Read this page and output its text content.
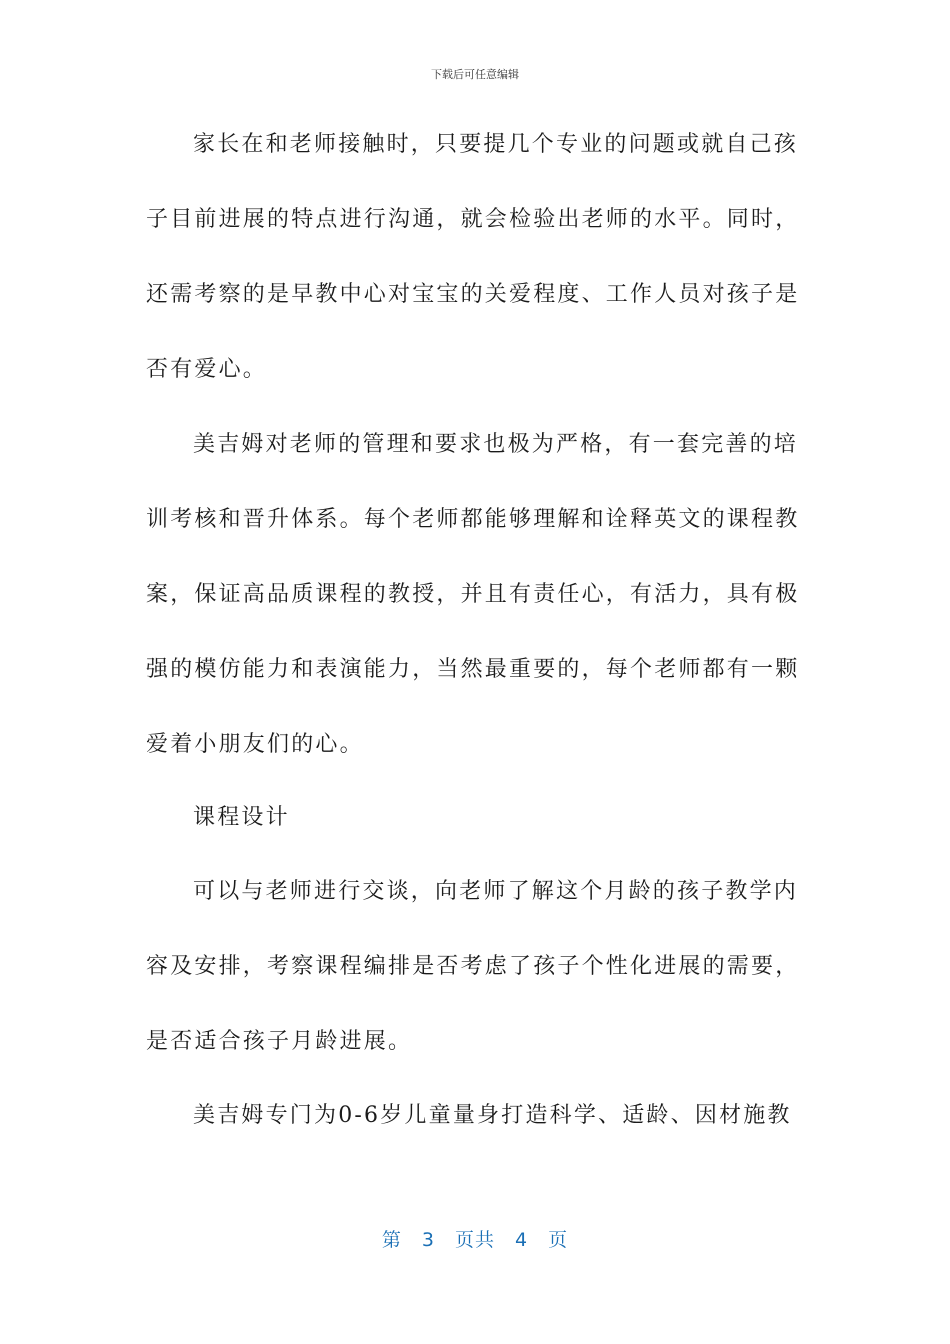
下载后可任意编辑
家长在和老师接触时，只要提几个专业的问题或就自己孩
子目前进展的特点进行沟通，就会检验出老师的水平。同时，
还需考察的是早教中心对宝宝的关爱程度、工作人员对孩子是
否有爱心。
美吉姆对老师的管理和要求也极为严格，有一套完善的培
训考核和晋升体系。每个老师都能够理解和诠释英文的课程教
案，保证高品质课程的教授，并且有责任心，有活力，具有极
强的模仿能力和表演能力，当然最重要的，每个老师都有一颗
爱着小朋友们的心。
课程设计
可以与老师进行交谈，向老师了解这个月龄的孩子教学内
容及安排，考察课程编排是否考虑了孩子个性化进展的需要，
是否适合孩子月龄进展。
美吉姆专门为0-6岁儿童量身打造科学、适龄、因材施教
第 3 页共 4 页
